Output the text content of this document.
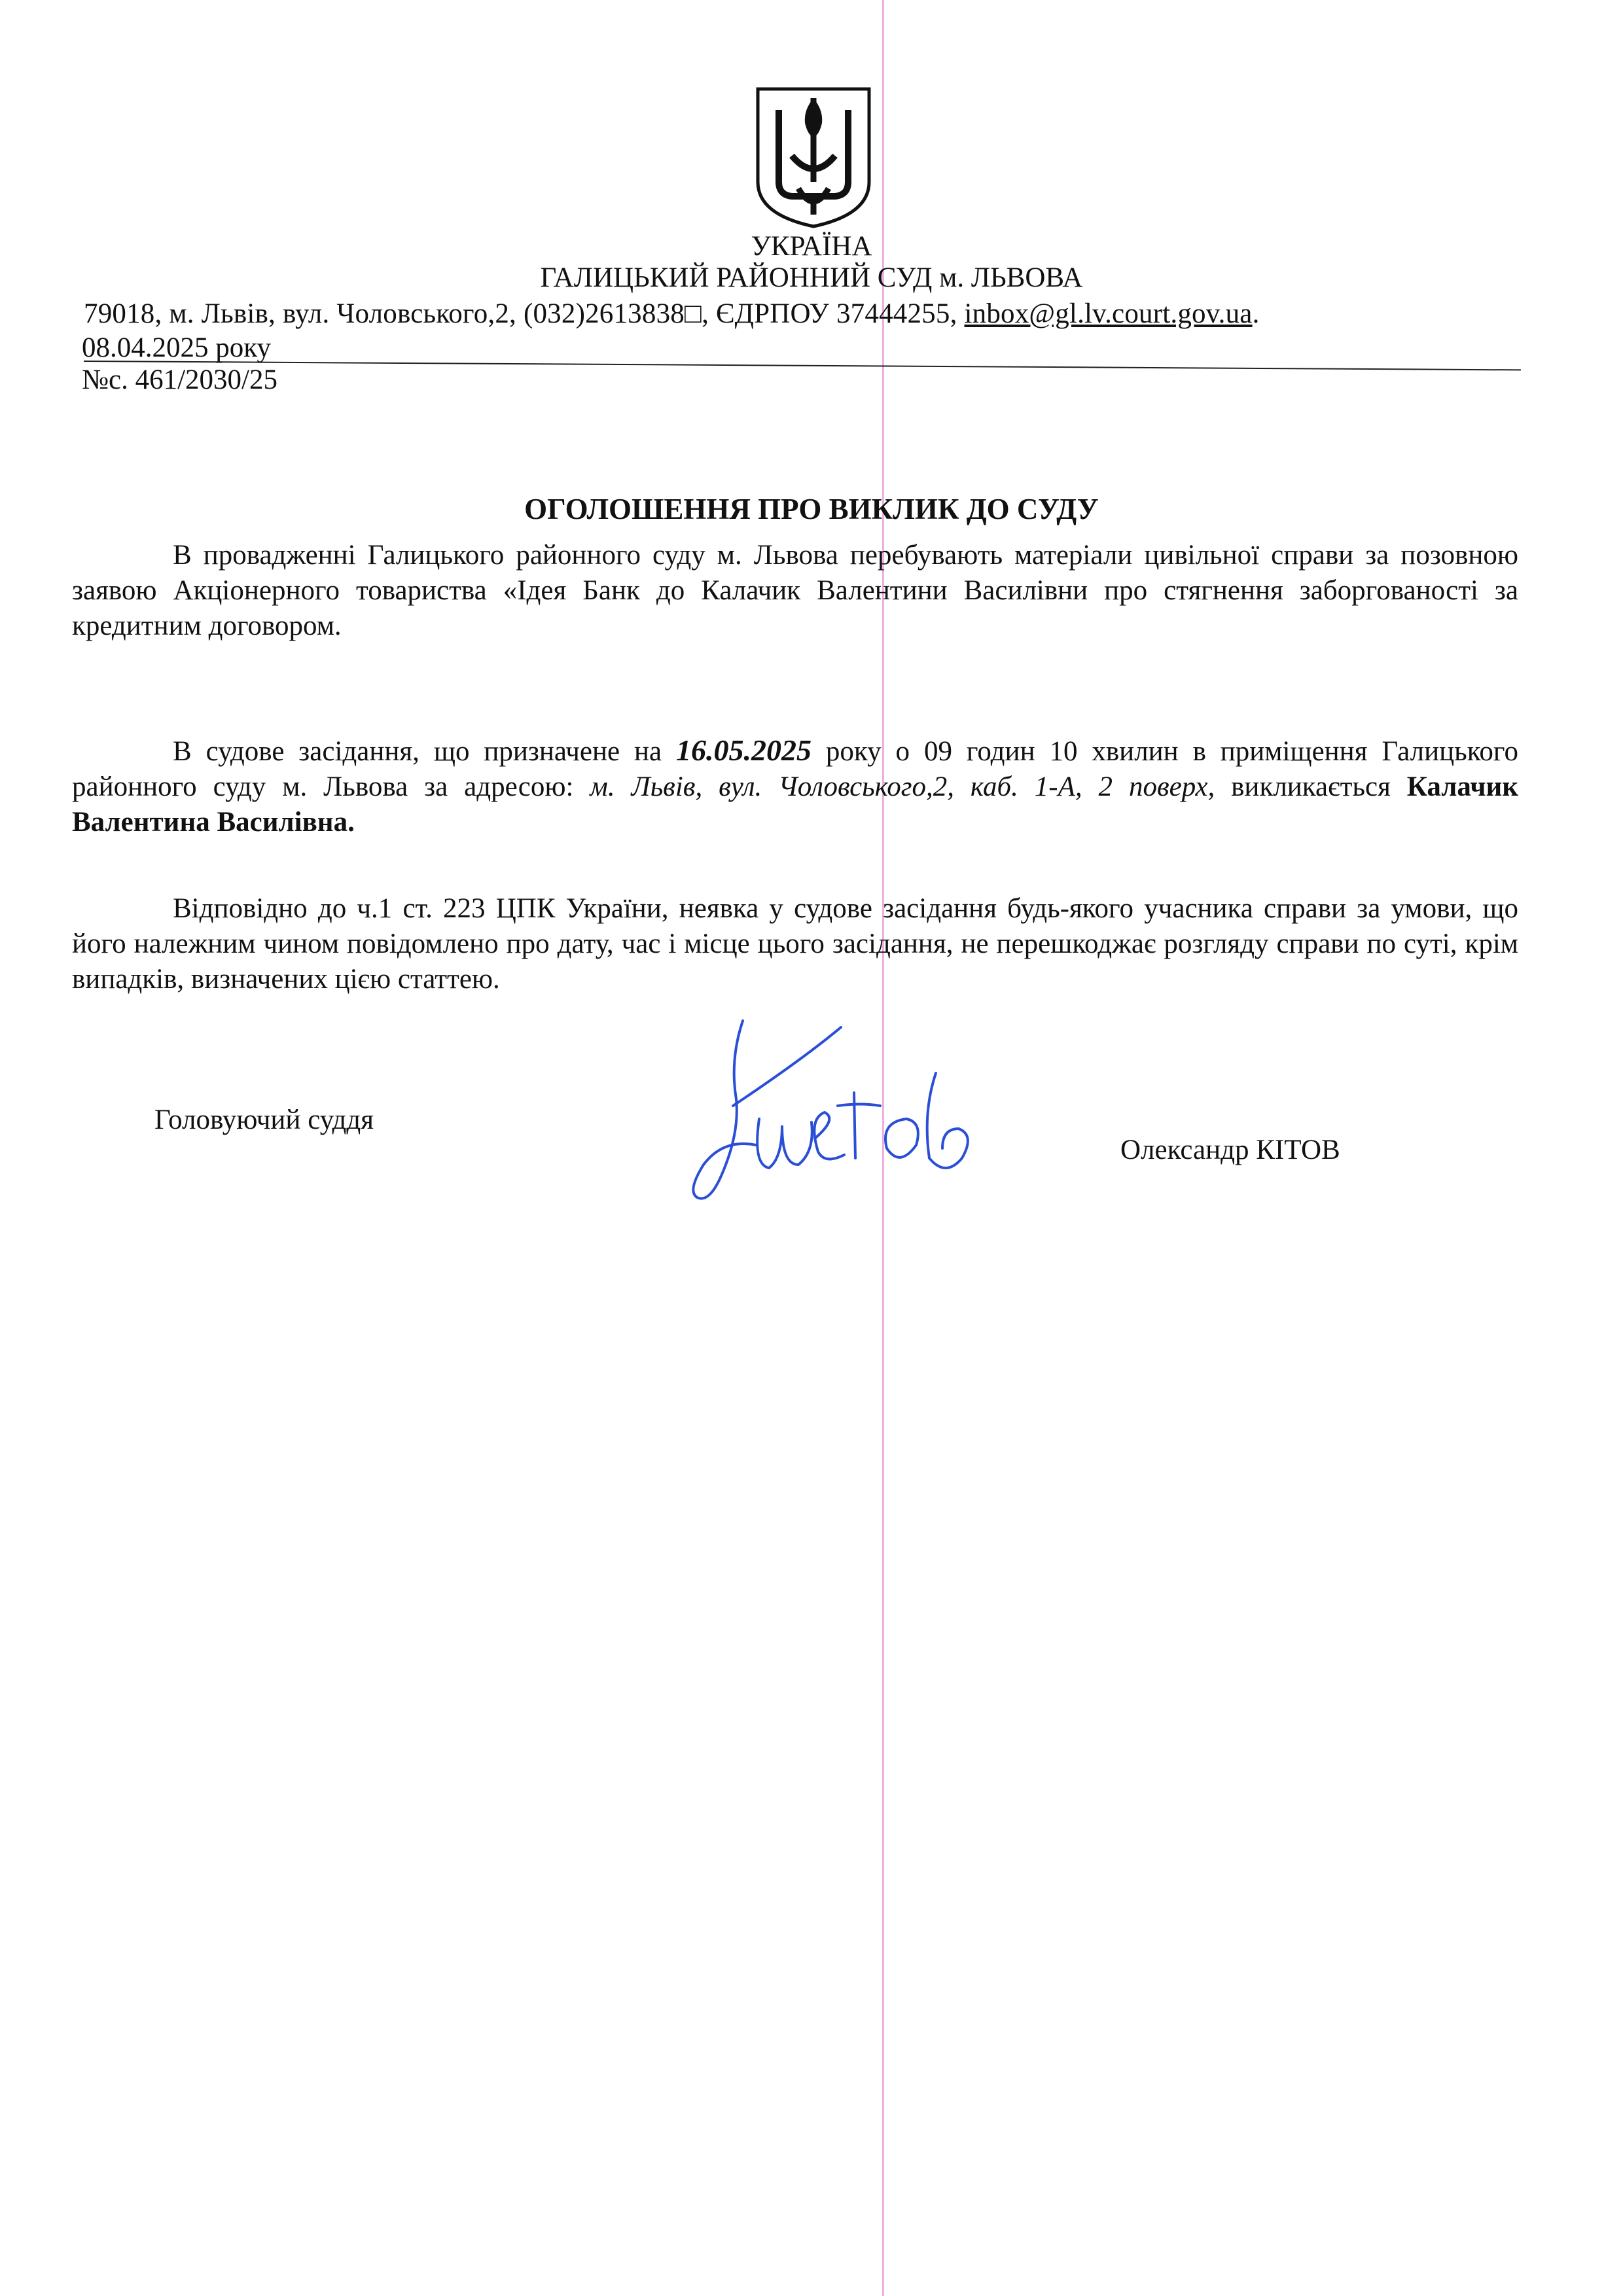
УКРАЇНА
ГАЛИЦЬКИЙ РАЙОННИЙ СУД м. ЛЬВОВА
79018, м. Львів, вул. Чоловського,2, (032)2613838□, ЄДРПОУ 37444255, inbox@gl.lv.court.gov.ua.
08.04.2025 року
№с. 461/2030/25
ОГОЛОШЕННЯ ПРО ВИКЛИК ДО СУДУ
В провадженні Галицького районного суду м. Львова перебувають матеріали цивільної справи за позовною заявою Акціонерного товариства «Ідея Банк до Калачик Валентини Василівни про стягнення заборгованості за кредитним договором.
В судове засідання, що призначене на 16.05.2025 року о 09 годин 10 хвилин в приміщення Галицького районного суду м. Львова за адресою: м. Львів, вул. Чоловського,2, каб. 1-А, 2 поверх, викликається Калачик Валентина Василівна.
Відповідно до ч.1 ст. 223 ЦПК України, неявка у судове засідання будь-якого учасника справи за умови, що його належним чином повідомлено про дату, час і місце цього засідання, не перешкоджає розгляду справи по суті, крім випадків, визначених цією статтею.
Головуючий суддя
Олександр КІТОВ
